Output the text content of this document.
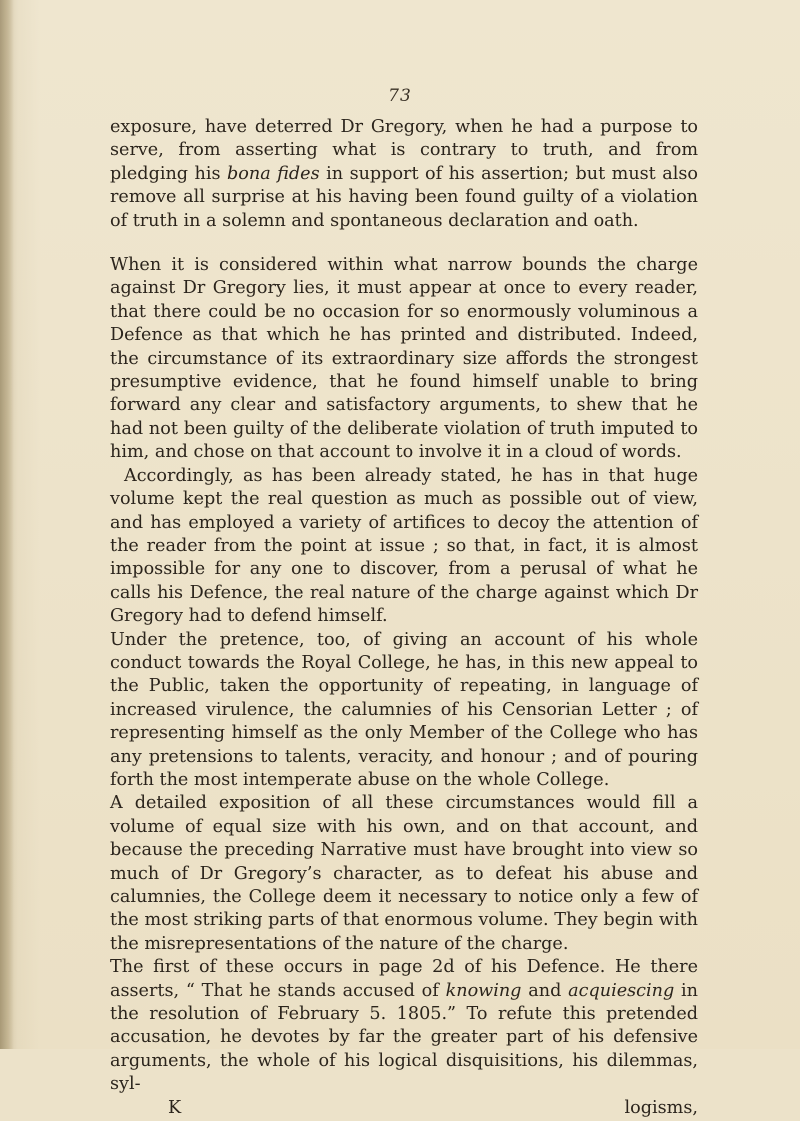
73

exposure, have deterred Dr Gregory, when he had a purpose to serve, from asserting what is contrary to truth, and from pledging his bona fides in support of his assertion; but must also remove all surprise at his having been found guilty of a violation of truth in a solemn and spontaneous declaration and oath.

When it is considered within what narrow bounds the charge against Dr Gregory lies, it must appear at once to every reader, that there could be no occasion for so enormously voluminous a Defence as that which he has printed and distributed. Indeed, the circumstance of its extraordinary size affords the strongest presumptive evidence, that he found himself unable to bring forward any clear and satisfactory arguments, to shew that he had not been guilty of the deliberate violation of truth imputed to him, and chose on that account to involve it in a cloud of words.

Accordingly, as has been already stated, he has in that huge volume kept the real question as much as possible out of view, and has employed a variety of artifices to decoy the attention of the reader from the point at issue ; so that, in fact, it is almost impossible for any one to discover, from a perusal of what he calls his Defence, the real nature of the charge against which Dr Gregory had to defend himself.

Under the pretence, too, of giving an account of his whole conduct towards the Royal College, he has, in this new appeal to the Public, taken the opportunity of repeating, in language of increased virulence, the calumnies of his Censorian Letter ; of representing himself as the only Member of the College who has any pretensions to talents, veracity, and honour ; and of pouring forth the most intemperate abuse on the whole College.

A detailed exposition of all these circumstances would fill a volume of equal size with his own, and on that account, and because the preceding Narrative must have brought into view so much of Dr Gregory’s character, as to defeat his abuse and calumnies, the College deem it necessary to notice only a few of the most striking parts of that enormous volume. They begin with the misrepresentations of the nature of the charge.

The first of these occurs in page 2d of his Defence. He there asserts, “ That he stands accused of knowing and acquiescing in the resolution of February 5. 1805.” To refute this pretended accusation, he devotes by far the greater part of his defensive arguments, the whole of his logical disquisitions, his dilemmas, syl-

K	logisms,
